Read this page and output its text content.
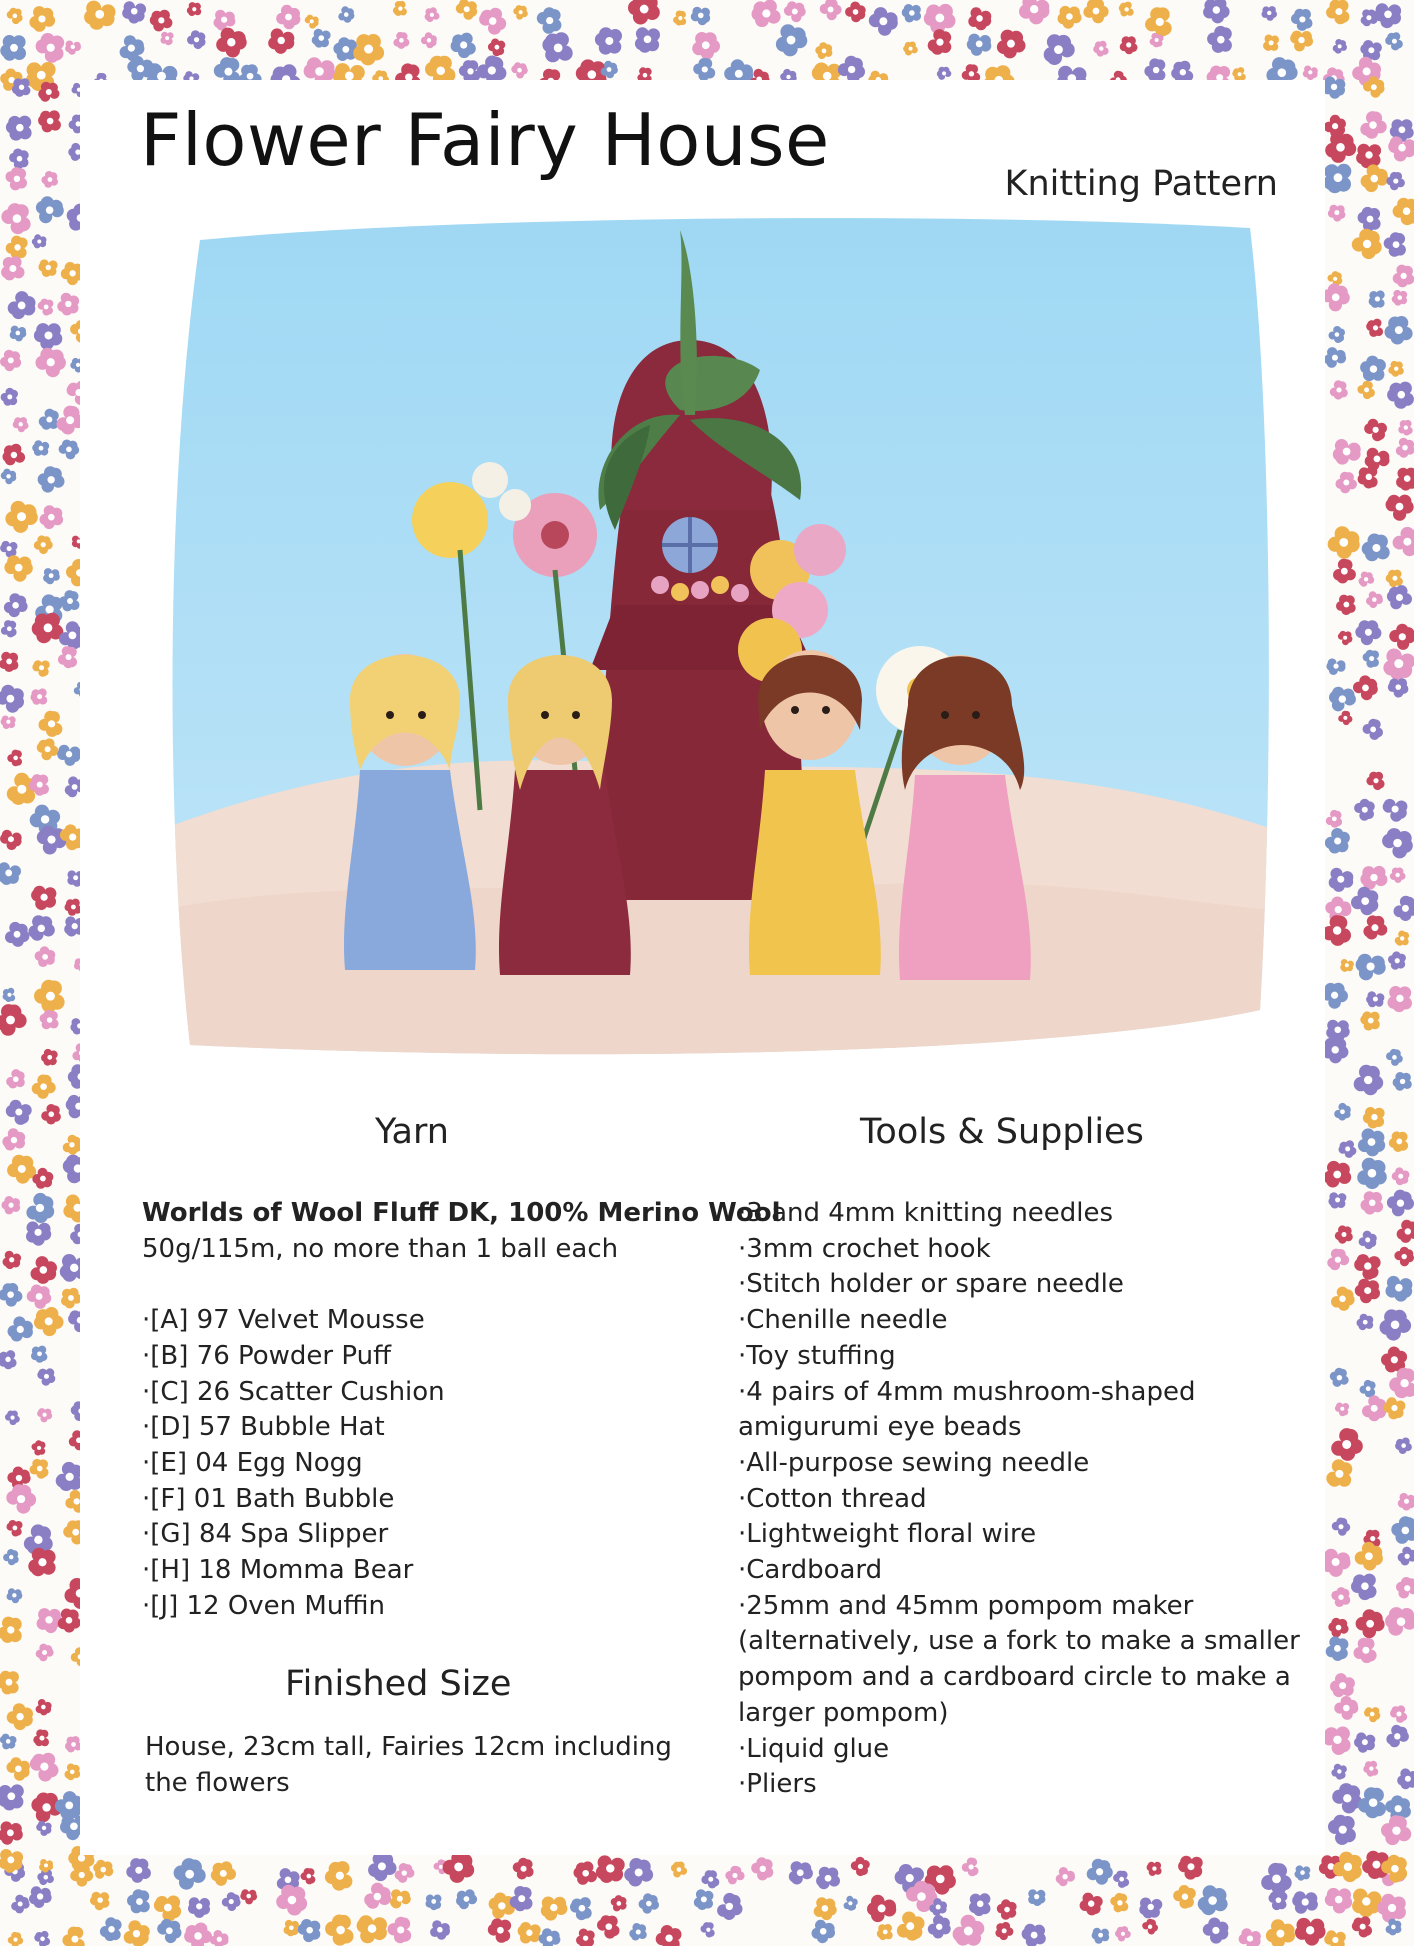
Flower Fairy House
Knitting Pattern
Yarn
Worlds of Wool Fluff DK, 100% Merino Wool
50g/115m, no more than 1 ball each
·[A] 97 Velvet Mousse
·[B] 76 Powder Puff
·[C] 26 Scatter Cushion
·[D] 57 Bubble Hat
·[E] 04 Egg Nogg
·[F] 01 Bath Bubble
·[G] 84 Spa Slipper
·[H] 18 Momma Bear
·[J] 12 Oven Muffin
Finished Size
House, 23cm tall, Fairies 12cm including
the flowers
Tools & Supplies
·3 and 4mm knitting needles
·3mm crochet hook
·Stitch holder or spare needle
·Chenille needle
·Toy stuffing
·4 pairs of 4mm mushroom-shaped
amigurumi eye beads
·All-purpose sewing needle
·Cotton thread
·Lightweight floral wire
·Cardboard
·25mm and 45mm pompom maker
(alternatively, use a fork to make a smaller
pompom and a cardboard circle to make a
larger pompom)
·Liquid glue
·Pliers
